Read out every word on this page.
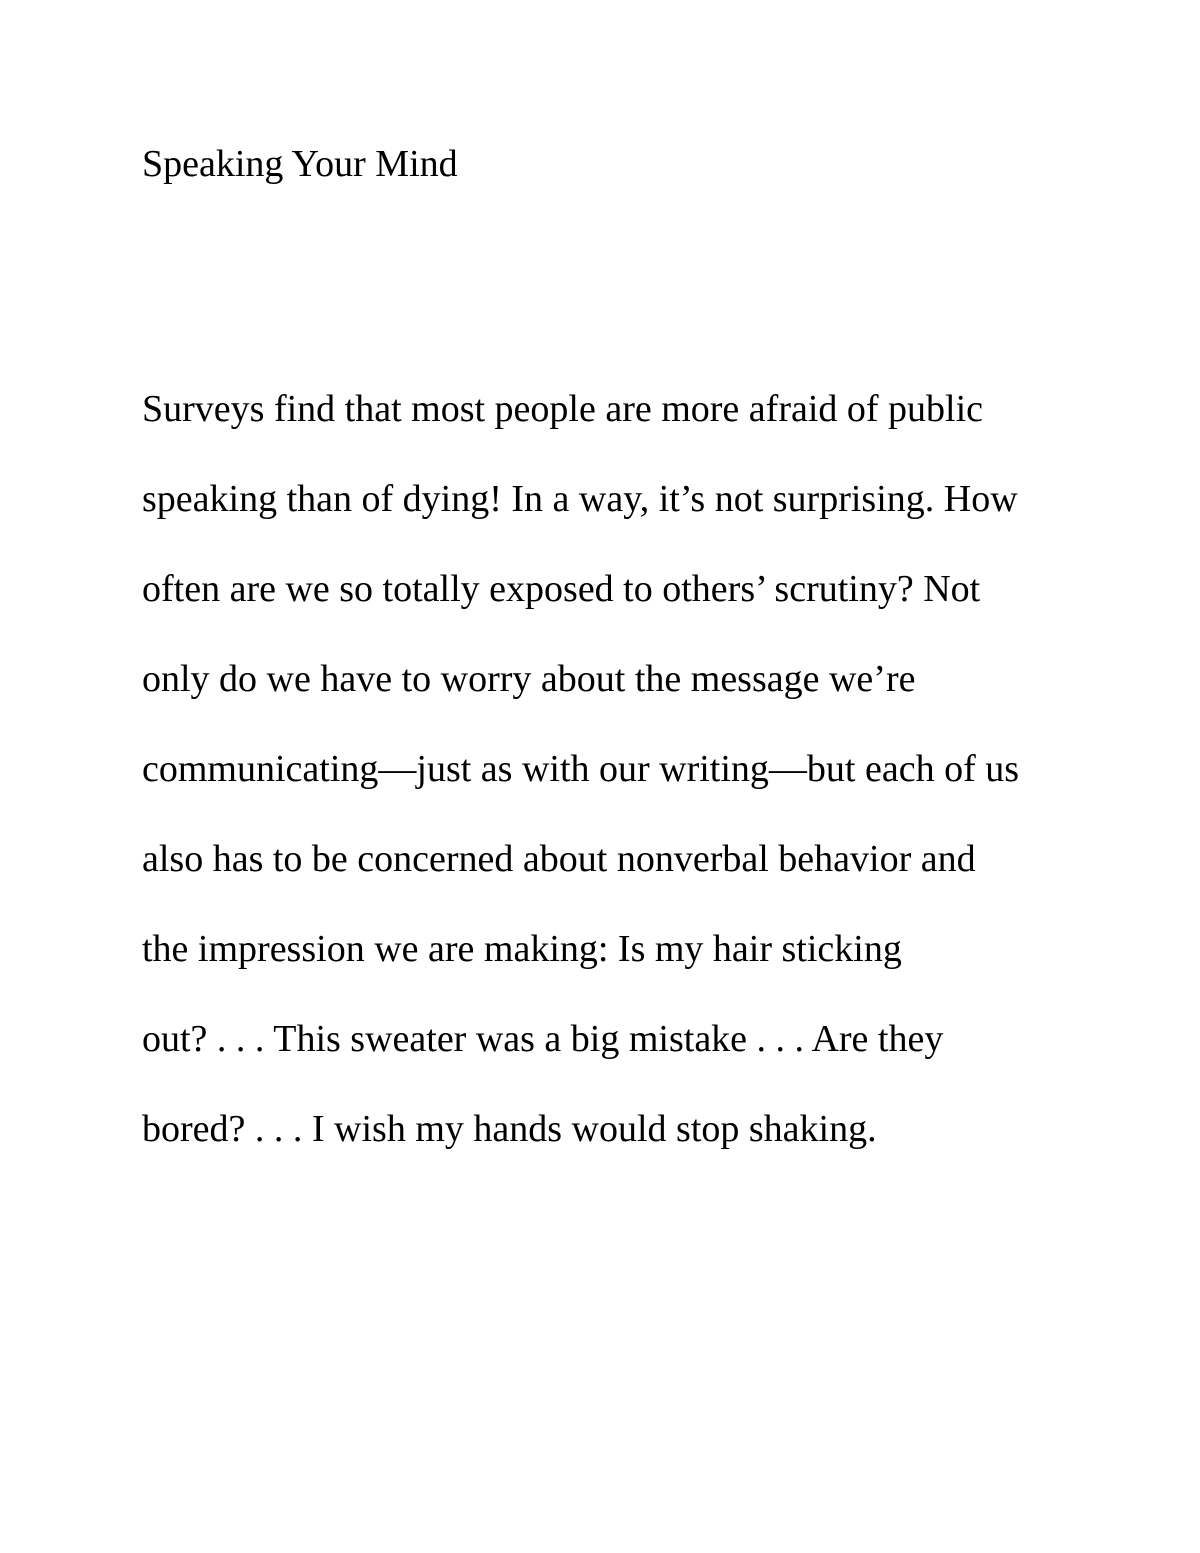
Speaking Your Mind
Surveys find that most people are more afraid of public
speaking than of dying! In a way, it’s not surprising. How
often are we so totally exposed to others’ scrutiny? Not
only do we have to worry about the message we’re
communicating—just as with our writing—but each of us
also has to be concerned about nonverbal behavior and
the impression we are making: Is my hair sticking
out? . . . This sweater was a big mistake . . . Are they
bored? . . . I wish my hands would stop shaking.
